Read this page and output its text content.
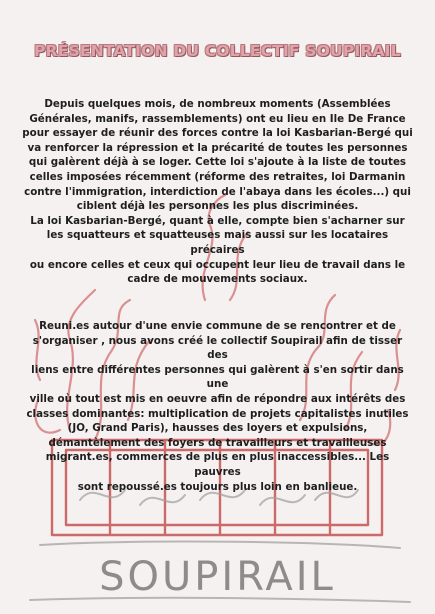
PRÉSENTATION DU COLLECTIF SOUPIRAIL
Depuis quelques mois, de nombreux moments (Assemblées
Générales, manifs, rassemblements) ont eu lieu en Ile De France
pour essayer de réunir des forces contre la loi Kasbarian-Bergé qui
va renforcer la répression et la précarité de toutes les personnes
qui galèrent déjà à se loger. Cette loi s'ajoute à la liste de toutes
celles imposées récemment (réforme des retraites, loi Darmanin
contre l'immigration, interdiction de l'abaya dans les écoles...) qui
ciblent déjà les personnes les plus discriminées.
La loi Kasbarian-Bergé, quant à elle, compte bien s'acharner sur
les squatteurs et squatteuses mais aussi sur les locataires précaires
ou encore celles et ceux qui occupent leur lieu de travail dans le
cadre de mouvements sociaux.
Reuni.es autour d'une envie commune de se rencontrer et de
s'organiser , nous avons créé le collectif Soupirail afin de tisser des
liens entre différentes personnes qui galèrent à s'en sortir dans une
ville où tout est mis en oeuvre afin de répondre aux intérêts des
classes dominantes: multiplication de projets capitalistes inutiles
(JO, Grand Paris), hausses des loyers et expulsions,
démantèlement des foyers de travailleurs et travailleuses
migrant.es, commerces de plus en plus inaccessibles... Les pauvres
sont repoussé.es toujours plus loin en banlieue.
SOUPIRAIL
